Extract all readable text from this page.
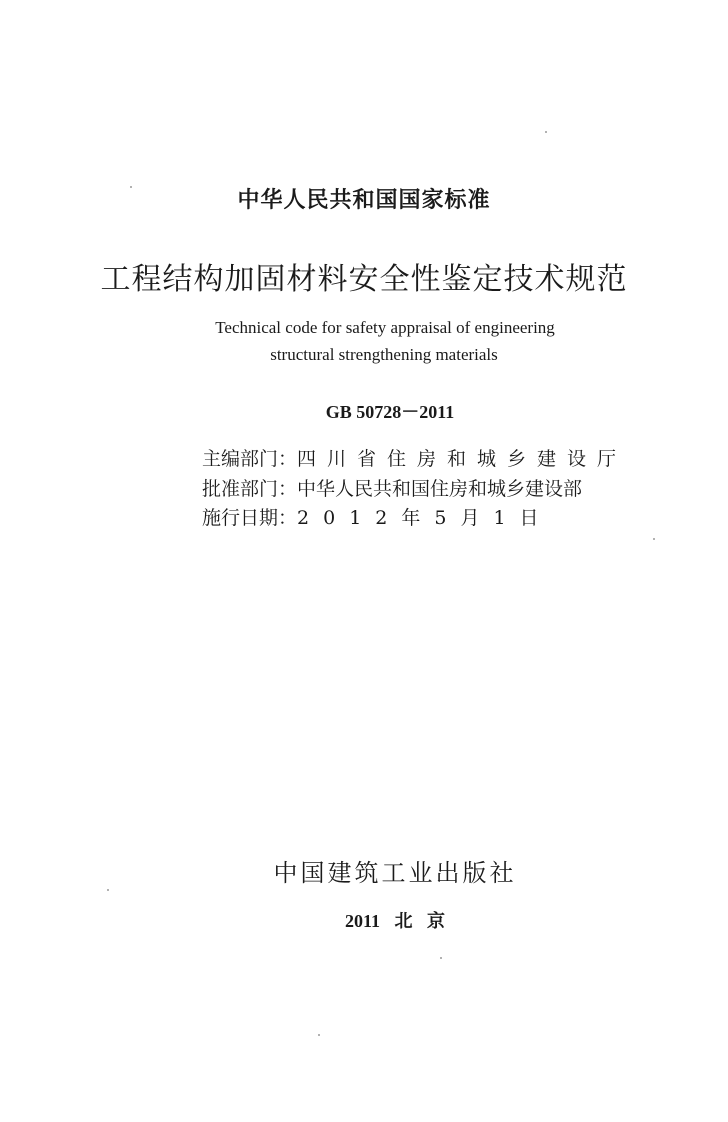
中华人民共和国国家标准
工程结构加固材料安全性鉴定技术规范
Technical code for safety appraisal of engineering
structural strengthening materials
GB 50728－2011
主编部门：四川省住房和城乡建设厅
批准部门：中华人民共和国住房和城乡建设部
施行日期：2012年5月1日
中国建筑工业出版社
2011 北 京
